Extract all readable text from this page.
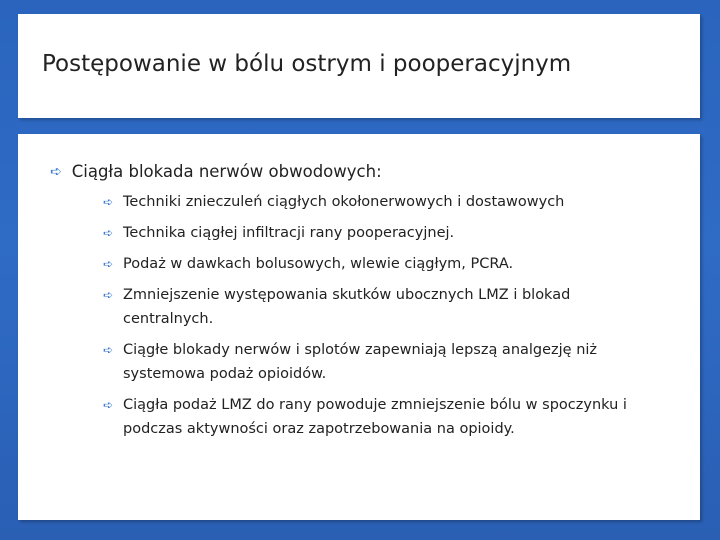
Postępowanie w bólu ostrym i pooperacyjnym
➪ Ciągła blokada nerwów obwodowych:
➪ Techniki znieczuleń ciągłych okołonerwowych i dostawowych
➪ Technika ciągłej infiltracji rany pooperacyjnej.
➪ Podaż w dawkach bolusowych, wlewie ciągłym, PCRA.
➪ Zmniejszenie występowania skutków ubocznych LMZ i blokad centralnych.
➪ Ciągłe blokady nerwów i splotów zapewniają lepszą analgezję niż systemowa podaż opioidów.
➪ Ciągła podaż LMZ do rany powoduje zmniejszenie bólu w spoczynku i podczas aktywności oraz zapotrzebowania na opioidy.
